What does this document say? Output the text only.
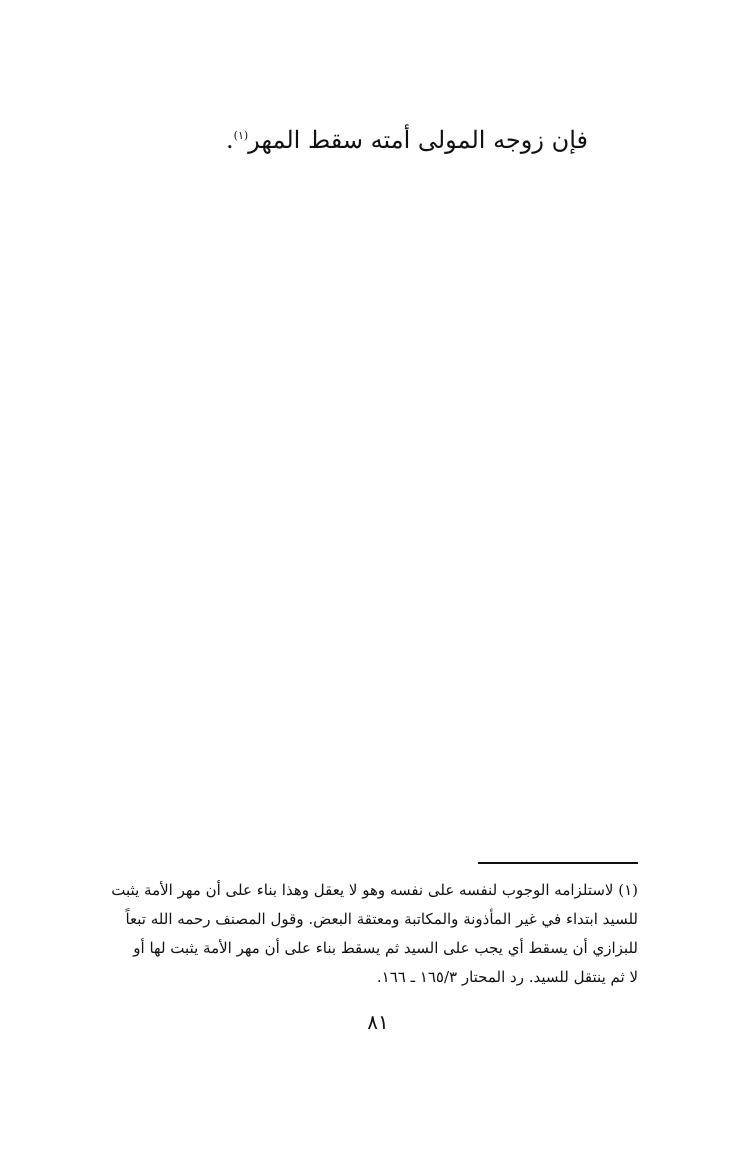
فإن زوجه المولى أمته سقط المهر$^{(١)}$.

(١) لاستلزامه الوجوب لنفسه على نفسه وهو لا يعقل وهذا بناء على أن مهر الأمة يثبت
للسيد ابتداء في غير المأذونة والمكاتبة ومعتقة البعض. وقول المصنف رحمه الله تبعاً
للبزازي أن يسقط أي يجب على السيد ثم يسقط بناء على أن مهر الأمة يثبت لها أو
لا ثم ينتقل للسيد. رد المحتار ١٦٥/٣ ـ ١٦٦.
٨١
